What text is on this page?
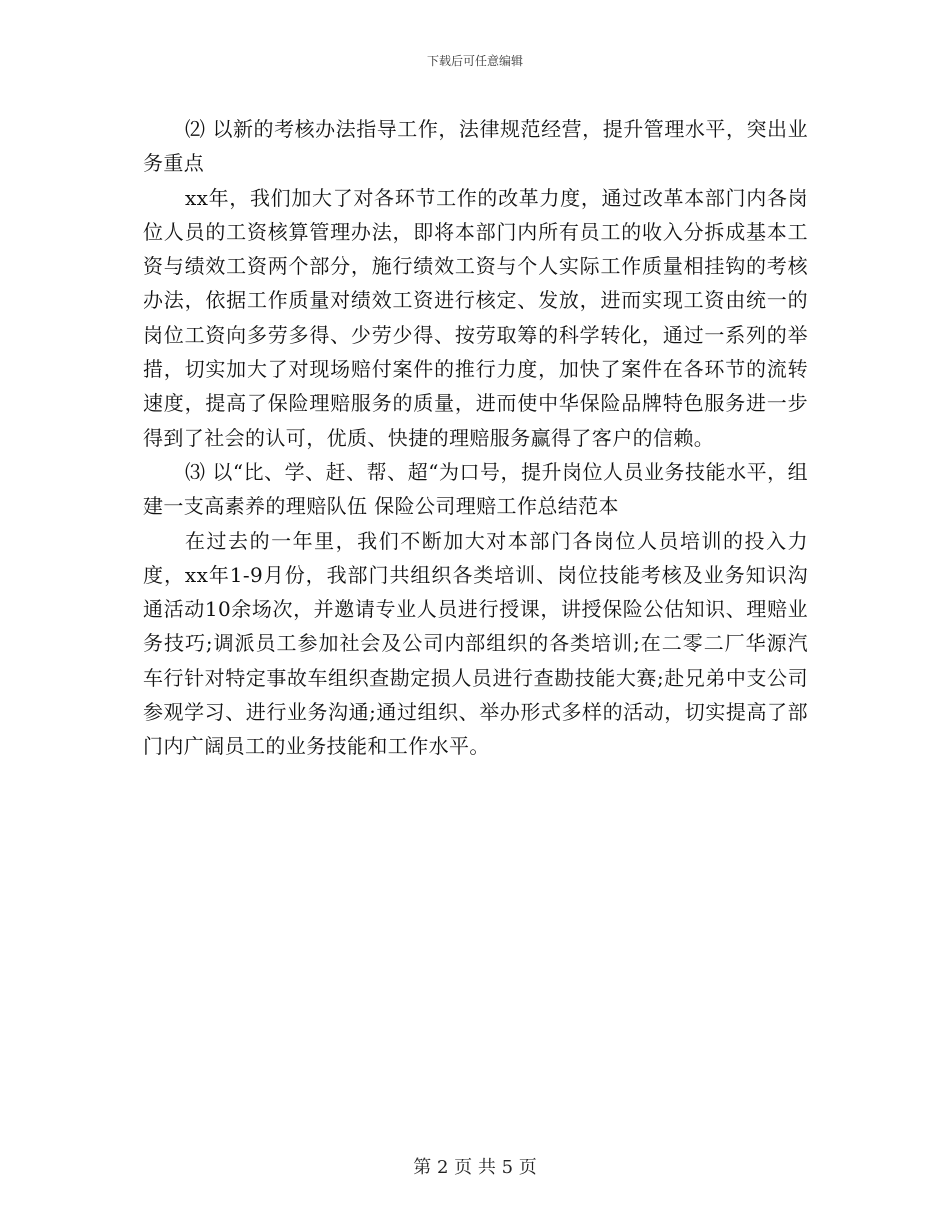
下载后可任意编辑

⑵ 以新的考核办法指导工作，法律规范经营，提升管理水平，突出业务重点

xx年，我们加大了对各环节工作的改革力度，通过改革本部门内各岗位人员的工资核算管理办法，即将本部门内所有员工的收入分拆成基本工资与绩效工资两个部分，施行绩效工资与个人实际工作质量相挂钩的考核办法，依据工作质量对绩效工资进行核定、发放，进而实现工资由统一的岗位工资向多劳多得、少劳少得、按劳取筹的科学转化，通过一系列的举措，切实加大了对现场赔付案件的推行力度，加快了案件在各环节的流转速度，提高了保险理赔服务的质量，进而使中华保险品牌特色服务进一步得到了社会的认可，优质、快捷的理赔服务赢得了客户的信赖。

⑶ 以“比、学、赶、帮、超“为口号，提升岗位人员业务技能水平，组建一支高素养的理赔队伍 保险公司理赔工作总结范本

在过去的一年里，我们不断加大对本部门各岗位人员培训的投入力度，xx年1-9月份，我部门共组织各类培训、岗位技能考核及业务知识沟通活动10余场次，并邀请专业人员进行授课，讲授保险公估知识、理赔业务技巧;调派员工参加社会及公司内部组织的各类培训;在二零二厂华源汽车行针对特定事故车组织查勘定损人员进行查勘技能大赛;赴兄弟中支公司参观学习、进行业务沟通;通过组织、举办形式多样的活动，切实提高了部门内广阔员工的业务技能和工作水平。

第 2 页 共 5 页
